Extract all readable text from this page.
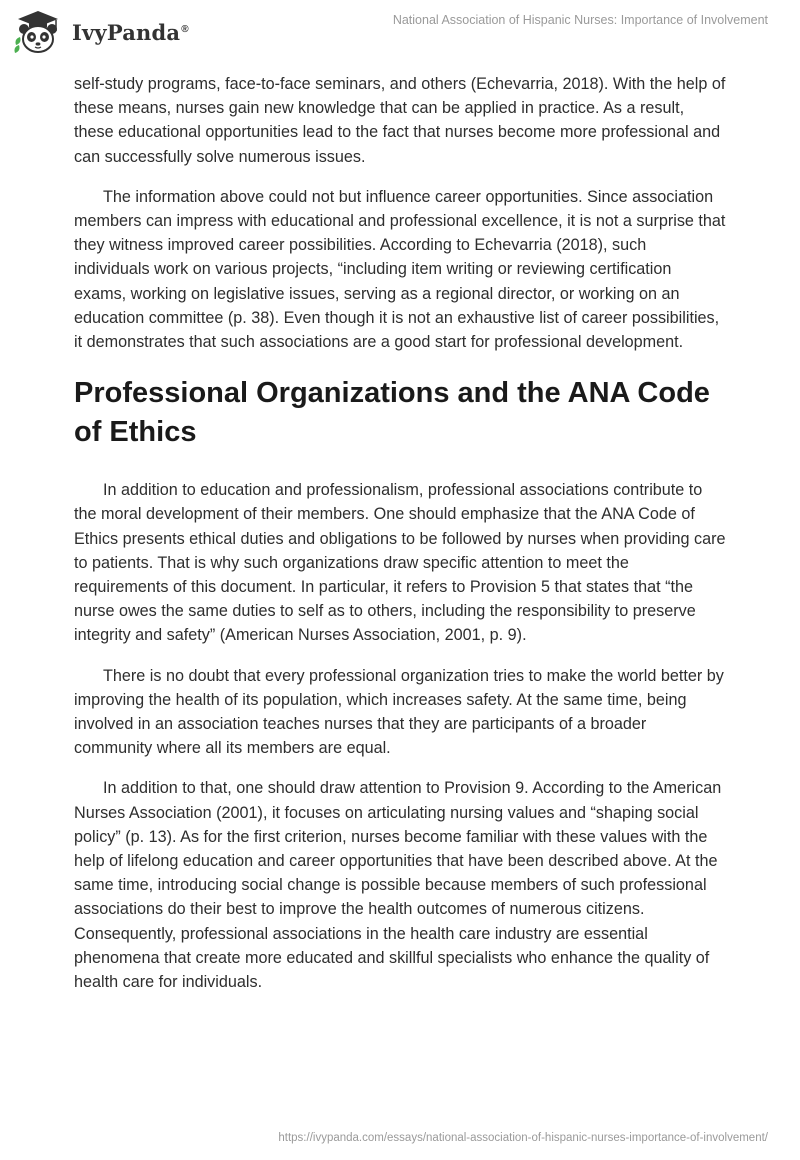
IvyPanda®
National Association of Hispanic Nurses: Importance of Involvement

self-study programs, face-to-face seminars, and others (Echevarria, 2018). With the help of these means, nurses gain new knowledge that can be applied in practice. As a result, these educational opportunities lead to the fact that nurses become more professional and can successfully solve numerous issues.

The information above could not but influence career opportunities. Since association members can impress with educational and professional excellence, it is not a surprise that they witness improved career possibilities. According to Echevarria (2018), such individuals work on various projects, “including item writing or reviewing certification exams, working on legislative issues, serving as a regional director, or working on an education committee (p. 38). Even though it is not an exhaustive list of career possibilities, it demonstrates that such associations are a good start for professional development.

Professional Organizations and the ANA Code of Ethics

In addition to education and professionalism, professional associations contribute to the moral development of their members. One should emphasize that the ANA Code of Ethics presents ethical duties and obligations to be followed by nurses when providing care to patients. That is why such organizations draw specific attention to meet the requirements of this document. In particular, it refers to Provision 5 that states that “the nurse owes the same duties to self as to others, including the responsibility to preserve integrity and safety” (American Nurses Association, 2001, p. 9).

There is no doubt that every professional organization tries to make the world better by improving the health of its population, which increases safety. At the same time, being involved in an association teaches nurses that they are participants of a broader community where all its members are equal.

In addition to that, one should draw attention to Provision 9. According to the American Nurses Association (2001), it focuses on articulating nursing values and “shaping social policy” (p. 13). As for the first criterion, nurses become familiar with these values with the help of lifelong education and career opportunities that have been described above. At the same time, introducing social change is possible because members of such professional associations do their best to improve the health outcomes of numerous citizens. Consequently, professional associations in the health care industry are essential phenomena that create more educated and skillful specialists who enhance the quality of health care for individuals.

https://ivypanda.com/essays/national-association-of-hispanic-nurses-importance-of-involvement/
